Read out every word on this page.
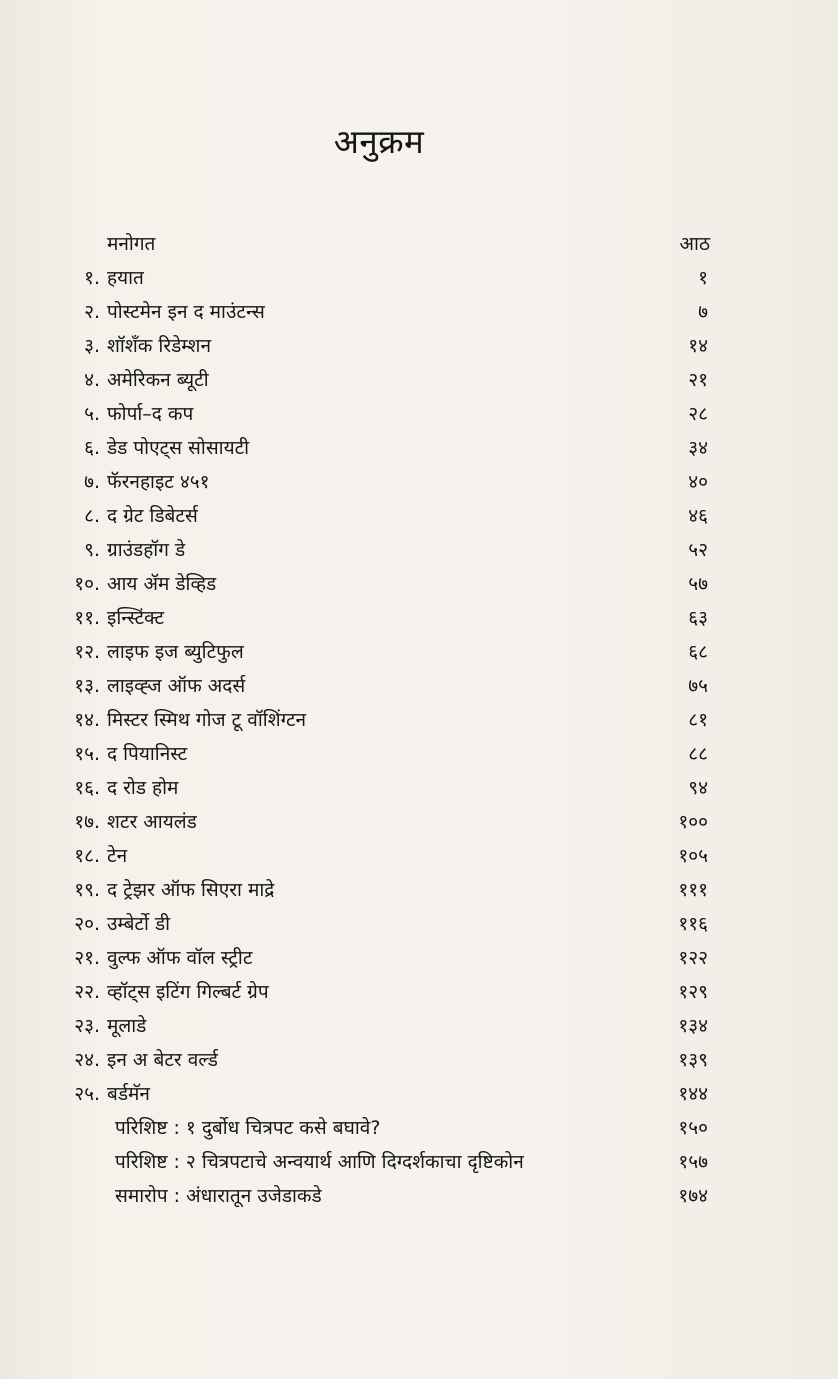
अनुक्रम
मनोगत	आठ
१. हयात	१
२. पोस्टमेन इन द माउंटन्स	७
३. शॉशँक रिडेम्शन	१४
४. अमेरिकन ब्यूटी	२१
५. फोर्पा–द कप	२८
६. डेड पोएट्स सोसायटी	३४
७. फॅरनहाइट ४५१	४०
८. द ग्रेट डिबेटर्स	४६
९. ग्राउंडहॉग डे	५२
१०. आय ॲम डेव्हिड	५७
११. इन्स्टिंक्ट	६३
१२. लाइफ इज ब्युटिफुल	६८
१३. लाइव्ह्ज ऑफ अदर्स	७५
१४. मिस्टर स्मिथ गोज टू वॉशिंग्टन	८१
१५. द पियानिस्ट	८८
१६. द रोड होम	९४
१७. शटर आयलंड	१००
१८. टेन	१०५
१९. द ट्रेझर ऑफ सिएरा माद्रे	१११
२०. उम्बेर्टो डी	११६
२१. वुल्फ ऑफ वॉल स्ट्रीट	१२२
२२. व्हॉट्स इटिंग गिल्बर्ट ग्रेप	१२९
२३. मूलाडे	१३४
२४. इन अ बेटर वर्ल्ड	१३९
२५. बर्डमॅन	१४४
परिशिष्ट : १ दुर्बोध चित्रपट कसे बघावे?	१५०
परिशिष्ट : २ चित्रपटाचे अन्वयार्थ आणि दिग्दर्शकाचा दृष्टिकोन	१५७
समारोप : अंधारातून उजेडाकडे	१७४
